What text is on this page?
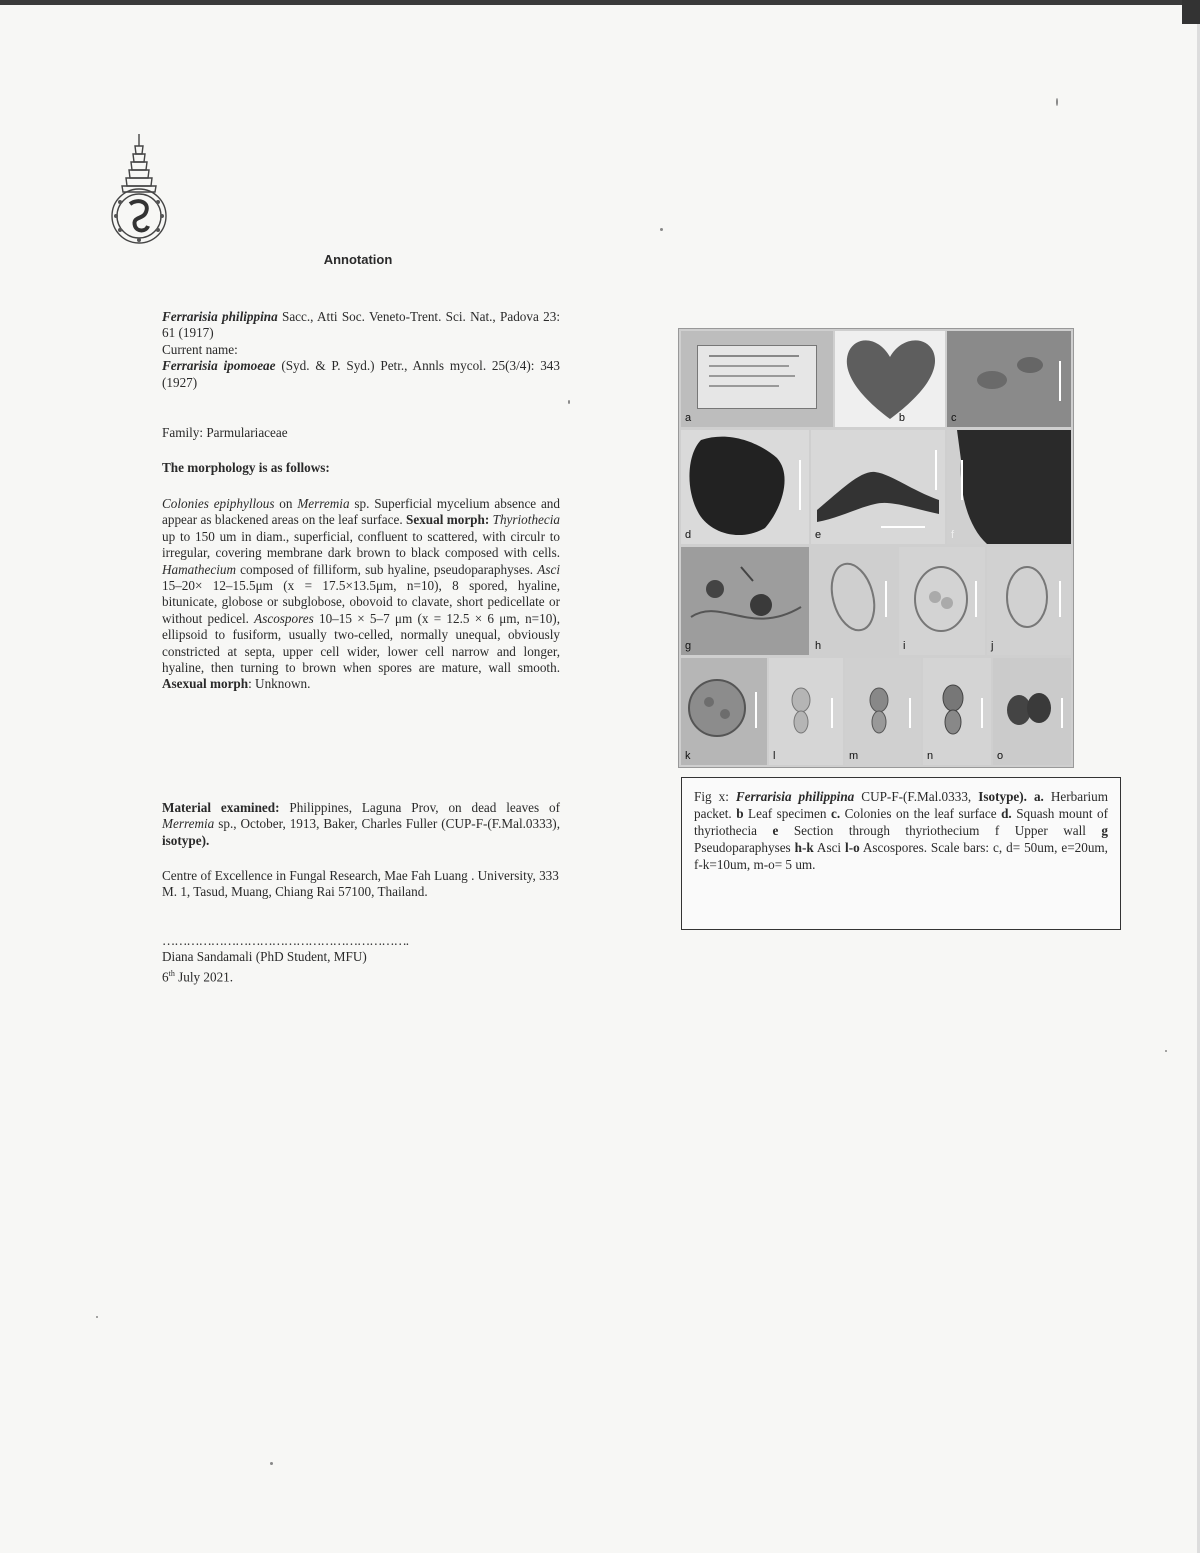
Annotation

Ferrarisia philippina Sacc., Atti Soc. Veneto-Trent. Sci. Nat., Padova 23: 61 (1917)

Current name:

Ferrarisia ipomoeae (Syd. & P. Syd.) Petr., Annls mycol. 25(3/4): 343 (1927)

Family: Parmulariaceae

The morphology is as follows:

Colonies epiphyllous on Merremia sp. Superficial mycelium absence and appear as blackened areas on the leaf surface. Sexual morph: Thyriothecia up to 150 um in diam., superficial, confluent to scattered, with circulr to irregular, covering membrane dark brown to black composed with cells. Hamathecium composed of filliform, sub hyaline, pseudoparaphyses. Asci 15–20× 12–15.5μm (x = 17.5×13.5μm, n=10), 8 spored, hyaline, bitunicate, globose or subglobose, obovoid to clavate, short pedicellate or without pedicel. Ascospores 10–15 × 5–7 μm (x = 12.5 × 6 μm, n=10), ellipsoid to fusiform, usually two-celled, normally unequal, obviously constricted at septa, upper cell wider, lower cell narrow and longer, hyaline, then turning to brown when spores are mature, wall smooth. Asexual morph: Unknown.

Material examined: Philippines, Laguna Prov, on dead leaves of Merremia sp., October, 1913, Baker, Charles Fuller (CUP-F-(F.Mal.0333), isotype).

Centre of Excellence in Fungal Research, Mae Fah Luang . University, 333 M. 1, Tasud, Muang, Chiang Rai 57100, Thailand.

…………………………………………………….

Diana Sandamali (PhD Student, MFU)

6th July 2021.

a	b	c
d	e	f
g	h	i	j
k	l	m	n	o
Fig x: Ferrarisia philippina CUP-F-(F.Mal.0333, Isotype). a. Herbarium packet. b Leaf specimen c. Colonies on the leaf surface d. Squash mount of thyriothecia e Section through thyriothecium f Upper wall g Pseudoparaphyses h-k Asci l-o Ascospores. Scale bars: c, d= 50um, e=20um, f-k=10um, m-o= 5 um.
